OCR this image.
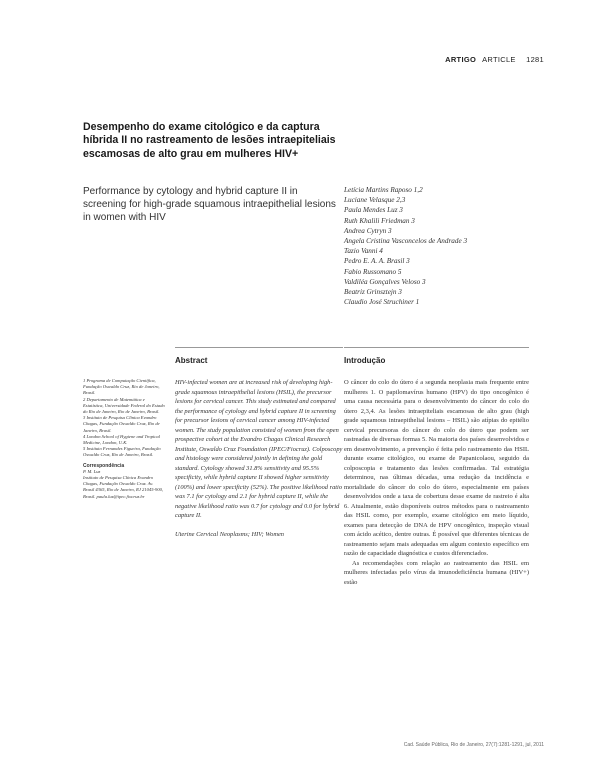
ARTIGO ARTICLE 1281
Desempenho do exame citológico e da captura híbrida II no rastreamento de lesões intraepiteliais escamosas de alto grau em mulheres HIV+
Performance by cytology and hybrid capture II in screening for high-grade squamous intraepithelial lesions in women with HIV
Letícia Martins Raposo 1,2
Luciane Velasque 2,3
Paula Mendes Luz 3
Ruth Khalili Friedman 3
Andrea Cytryn 3
Angela Cristina Vasconcelos de Andrade 3
Tazio Vanni 4
Pedro E. A. A. Brasil 3
Fabio Russomano 5
Valdiléa Gonçalves Veloso 3
Beatriz Grinsztejn 3
Claudio José Struchiner 1
Abstract	Introdução

1 Programa de Computação Científica, Fundação Oswaldo Cruz, Rio de Janeiro, Brasil.

2 Departamento de Matemática e Estatística, Universidade Federal do Estado do Rio de Janeiro, Rio de Janeiro, Brasil.

3 Instituto de Pesquisa Clínica Evandro Chagas, Fundação Oswaldo Cruz, Rio de Janeiro, Brasil.

4 London School of Hygiene and Tropical Medicine, London, U.K.

5 Instituto Fernandes Figueira, Fundação Oswaldo Cruz, Rio de Janeiro, Brasil.

Correspondência

P. M. Luz

Instituto de Pesquisa Clínica Evandro Chagas, Fundação Oswaldo Cruz. Av. Brasil 4365, Rio de Janeiro, RJ 21045-900, Brasil. paula.luz@ipec.fiocruz.br

HIV-infected women are at increased risk of developing high-grade squamous intraepithelial lesions (HSIL), the precursor lesions for cervical cancer. This study estimated and compared the performance of cytology and hybrid capture II in screening for precursor lesions of cervical cancer among HIV-infected women. The study population consisted of women from the open prospective cohort at the Evandro Chagas Clinical Research Institute, Oswaldo Cruz Foundation (IPEC/Fiocruz). Colposcopy and histology were considered jointly in defining the gold standard. Cytology showed 31.8% sensitivity and 95.5% specificity, while hybrid capture II showed higher sensitivity (100%) and lower specificity (52%). The positive likelihood ratio was 7.1 for cytology and 2.1 for hybrid capture II, while the negative likelihood ratio was 0.7 for cytology and 0.0 for hybrid capture II.

Uterine Cervical Neoplasms; HIV; Women

O câncer do colo do útero é a segunda neoplasia mais frequente entre mulheres 1. O papilomavírus humano (HPV) do tipo oncogênico é uma causa necessária para o desenvolvimento do câncer do colo do útero 2,3,4. As lesões intraepiteliais escamosas de alto grau (high grade squamous intraepithelial lesions – HSIL) são atípias do epitélio cervical precursoras do câncer do colo do útero que podem ser rastreadas de diversas formas 5. Na maioria dos países desenvolvidos e em desenvolvimento, a prevenção é feita pelo rastreamento das HSIL durante exame citológico, ou exame de Papanicolaou, seguido da colposcopia e tratamento das lesões confirmadas. Tal estratégia determinou, nas últimas décadas, uma redução da incidência e mortalidade do câncer do colo do útero, especialmente em países desenvolvidos onde a taxa de cobertura desse exame de rastreio é alta 6. Atualmente, estão disponíveis outros métodos para o rastreamento das HSIL como, por exemplo, exame citológico em meio líquido, exames para detecção de DNA de HPV oncogênico, inspeção visual com ácido acético, dentre outras. É possível que diferentes técnicas de rastreamento sejam mais adequadas em algum contexto específico em razão de capacidade diagnóstica e custos diferenciados.

As recomendações com relação ao rastreamento das HSIL em mulheres infectadas pelo vírus da imunodeficiência humana (HIV+) estão

Cad. Saúde Pública, Rio de Janeiro, 27(7):1281-1291, jul, 2011
